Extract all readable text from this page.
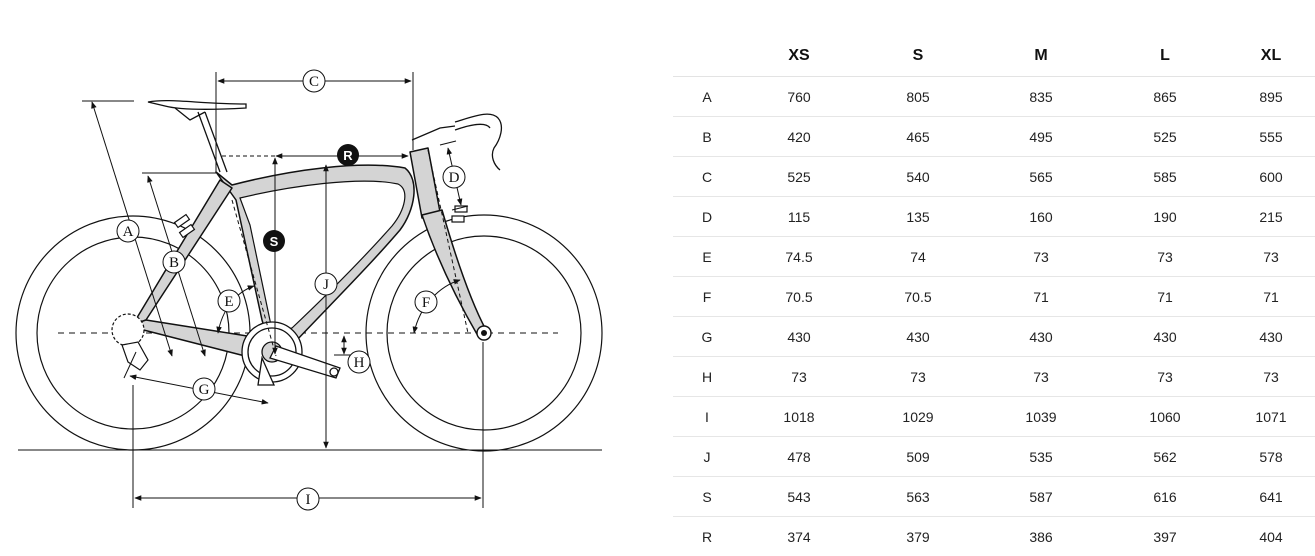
C
A
B
E
G
J
H
I
F
D
R
S
	XS	S	M	L	XL
A	760	805	835	865	895
B	420	465	495	525	555
C	525	540	565	585	600
D	115	135	160	190	215
E	74.5	74	73	73	73
F	70.5	70.5	71	71	71
G	430	430	430	430	430
H	73	73	73	73	73
I	1018	1029	1039	1060	1071
J	478	509	535	562	578
S	543	563	587	616	641
R	374	379	386	397	404
